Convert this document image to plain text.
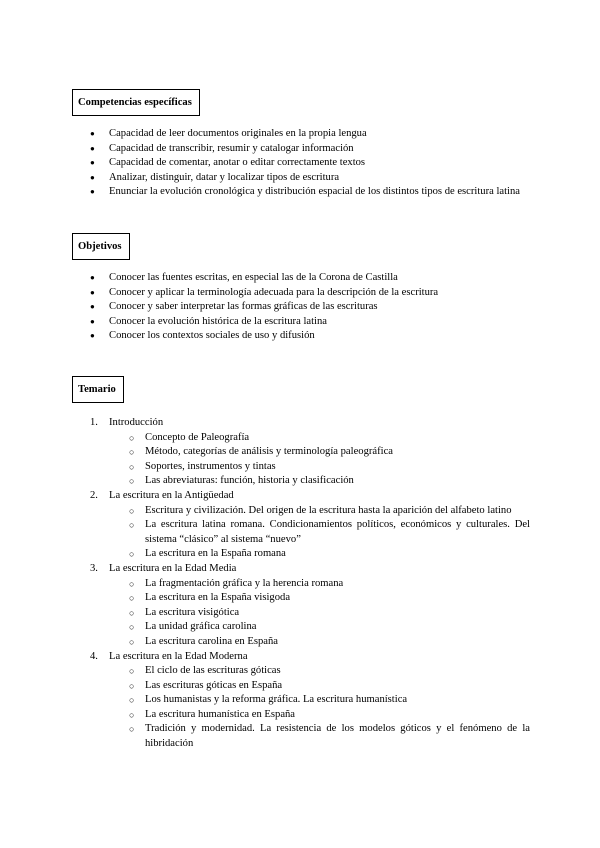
Competencias específicas
● Capacidad de leer documentos originales en la propia lengua
● Capacidad de transcribir, resumir y catalogar información
● Capacidad de comentar, anotar o editar correctamente textos
● Analizar, distinguir, datar y localizar tipos de escritura
● Enunciar la evolución cronológica y distribución espacial de los distintos tipos de escritura latina
Objetivos
● Conocer las fuentes escritas, en especial las de la Corona de Castilla
● Conocer y aplicar la terminología adecuada para la descripción de la escritura
● Conocer y saber interpretar las formas gráficas de las escrituras
● Conocer la evolución histórica de la escritura latina
● Conocer los contextos sociales de uso y difusión
Temario
1. Introducción
○ Concepto de Paleografía
○ Método, categorías de análisis y terminología paleográfica
○ Soportes, instrumentos y tintas
○ Las abreviaturas: función, historia y clasificación
2. La escritura en la Antigüedad
○ Escritura y civilización. Del origen de la escritura hasta la aparición del alfabeto latino
○ La escritura latina romana. Condicionamientos políticos, económicos y culturales. Del sistema “clásico” al sistema “nuevo”
○ La escritura en la España romana
3. La escritura en la Edad Media
○ La fragmentación gráfica y la herencia romana
○ La escritura en la España visigoda
○ La escritura visigótica
○ La unidad gráfica carolina
○ La escritura carolina en España
4. La escritura en la Edad Moderna
○ El ciclo de las escrituras góticas
○ Las escrituras góticas en España
○ Los humanistas y la reforma gráfica. La escritura humanística
○ La escritura humanística en España
○ Tradición y modernidad. La resistencia de los modelos góticos y el fenómeno de la hibridación
